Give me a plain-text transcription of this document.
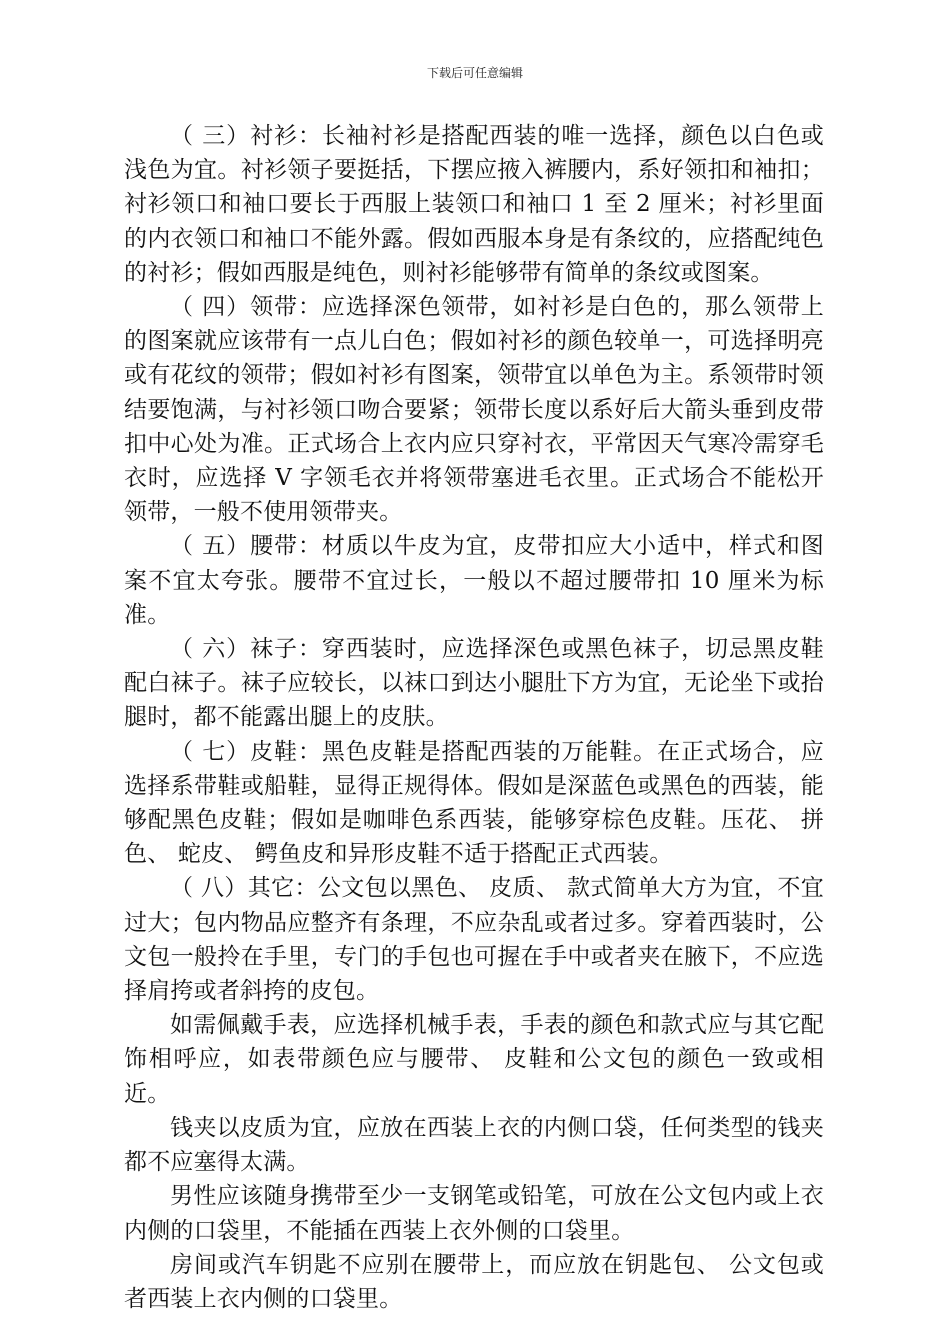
下载后可任意编辑

（ 三）衬衫：长袖衬衫是搭配西装的唯一选择，颜色以白色或浅色为宜。衬衫领子要挺括，下摆应掖入裤腰内，系好领扣和袖扣；衬衫领口和袖口要长于西服上装领口和袖口 1 至 2 厘米；衬衫里面的内衣领口和袖口不能外露。假如西服本身是有条纹的，应搭配纯色的衬衫；假如西服是纯色，则衬衫能够带有简单的条纹或图案。

（ 四）领带：应选择深色领带，如衬衫是白色的，那么领带上的图案就应该带有一点儿白色；假如衬衫的颜色较单一，可选择明亮或有花纹的领带；假如衬衫有图案，领带宜以单色为主。系领带时领结要饱满，与衬衫领口吻合要紧；领带长度以系好后大箭头垂到皮带扣中心处为准。正式场合上衣内应只穿衬衣，平常因天气寒冷需穿毛衣时，应选择 V 字领毛衣并将领带塞进毛衣里。正式场合不能松开领带，一般不使用领带夹。

（ 五）腰带：材质以牛皮为宜，皮带扣应大小适中，样式和图案不宜太夸张。腰带不宜过长，一般以不超过腰带扣 10 厘米为标准。

（ 六）袜子：穿西装时，应选择深色或黑色袜子，切忌黑皮鞋配白袜子。袜子应较长，以袜口到达小腿肚下方为宜，无论坐下或抬腿时，都不能露出腿上的皮肤。

（ 七）皮鞋：黑色皮鞋是搭配西装的万能鞋。在正式场合，应选择系带鞋或船鞋，显得正规得体。假如是深蓝色或黑色的西装，能够配黑色皮鞋；假如是咖啡色系西装，能够穿棕色皮鞋。压花、 拼色、 蛇皮、 鳄鱼皮和异形皮鞋不适于搭配正式西装。

（ 八）其它：公文包以黑色、 皮质、 款式简单大方为宜，不宜过大；包内物品应整齐有条理，不应杂乱或者过多。穿着西装时，公文包一般拎在手里，专门的手包也可握在手中或者夹在腋下，不应选择肩挎或者斜挎的皮包。

如需佩戴手表，应选择机械手表，手表的颜色和款式应与其它配饰相呼应，如表带颜色应与腰带、 皮鞋和公文包的颜色一致或相近。

钱夹以皮质为宜，应放在西装上衣的内侧口袋，任何类型的钱夹都不应塞得太满。

男性应该随身携带至少一支钢笔或铅笔，可放在公文包内或上衣内侧的口袋里，不能插在西装上衣外侧的口袋里。

房间或汽车钥匙不应别在腰带上，而应放在钥匙包、 公文包或者西装上衣内侧的口袋里。
